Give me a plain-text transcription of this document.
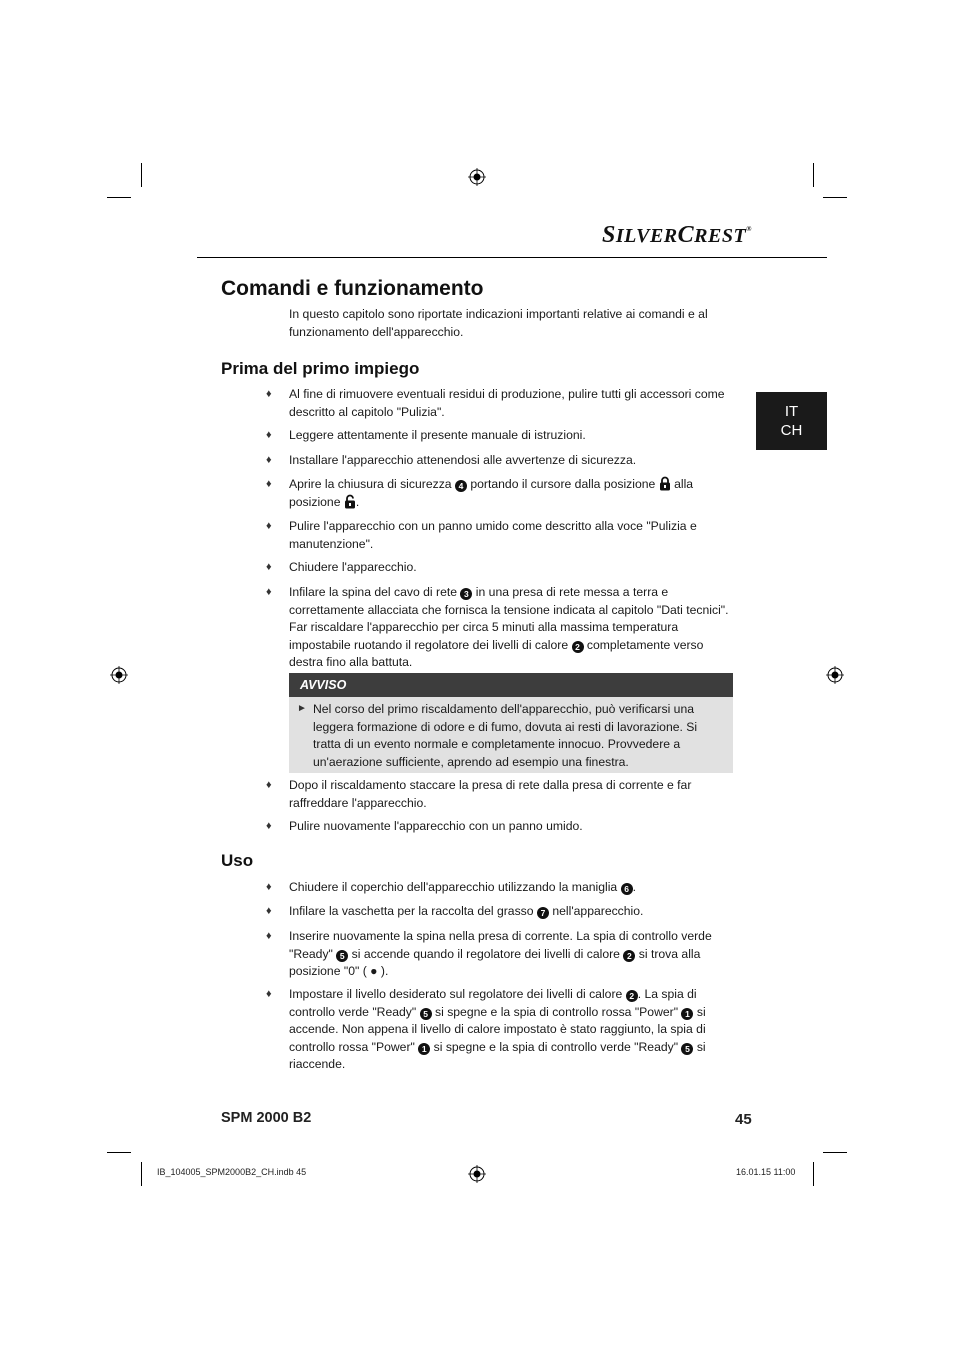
SILVERCREST®
IT
CH
Comandi e funzionamento
In questo capitolo sono riportate indicazioni importanti relative ai comandi e al funzionamento dell'apparecchio.
Prima del primo impiego
♦ Al fine di rimuovere eventuali residui di produzione, pulire tutti gli accessori come descritto al capitolo "Pulizia".
♦ Leggere attentamente il presente manuale di istruzioni.
♦ Installare l'apparecchio attenendosi alle avvertenze di sicurezza.
♦ Aprire la chiusura di sicurezza 4 portando il cursore dalla posizione alla posizione .
♦ Pulire l'apparecchio con un panno umido come descritto alla voce "Pulizia e manutenzione".
♦ Chiudere l'apparecchio.
♦ Infilare la spina del cavo di rete 3 in una presa di rete messa a terra e correttamente allacciata che fornisca la tensione indicata al capitolo "Dati tecnici". Far riscaldare l'apparecchio per circa 5 minuti alla massima temperatura impostabile ruotando il regolatore dei livelli di calore 2 completamente verso destra fino alla battuta.
AVVISO
► Nel corso del primo riscaldamento dell'apparecchio, può verificarsi una leggera formazione di odore e di fumo, dovuta ai resti di lavorazione. Si tratta di un evento normale e completamente innocuo. Provvedere a un'aerazione sufficiente, aprendo ad esempio una finestra.
♦ Dopo il riscaldamento staccare la presa di rete dalla presa di corrente e far raffreddare l'apparecchio.
♦ Pulire nuovamente l'apparecchio con un panno umido.
Uso
♦ Chiudere il coperchio dell'apparecchio utilizzando la maniglia 6 .
♦ Infilare la vaschetta per la raccolta del grasso 7 nell'apparecchio.
♦ Inserire nuovamente la spina nella presa di corrente. La spia di controllo verde "Ready" 5 si accende quando il regolatore dei livelli di calore 2 si trova alla posizione "0" ( ● ).
♦ Impostare il livello desiderato sul regolatore dei livelli di calore 2 . La spia di controllo verde "Ready" 5 si spegne e la spia di controllo rossa "Power" 1 si accende. Non appena il livello di calore impostato è stato raggiunto, la spia di controllo rossa "Power" 1 si spegne e la spia di controllo verde "Ready" 5 si riaccende.
SPM 2000 B2	45
IB_104005_SPM2000B2_CH.indb 45	16.01.15 11:00
